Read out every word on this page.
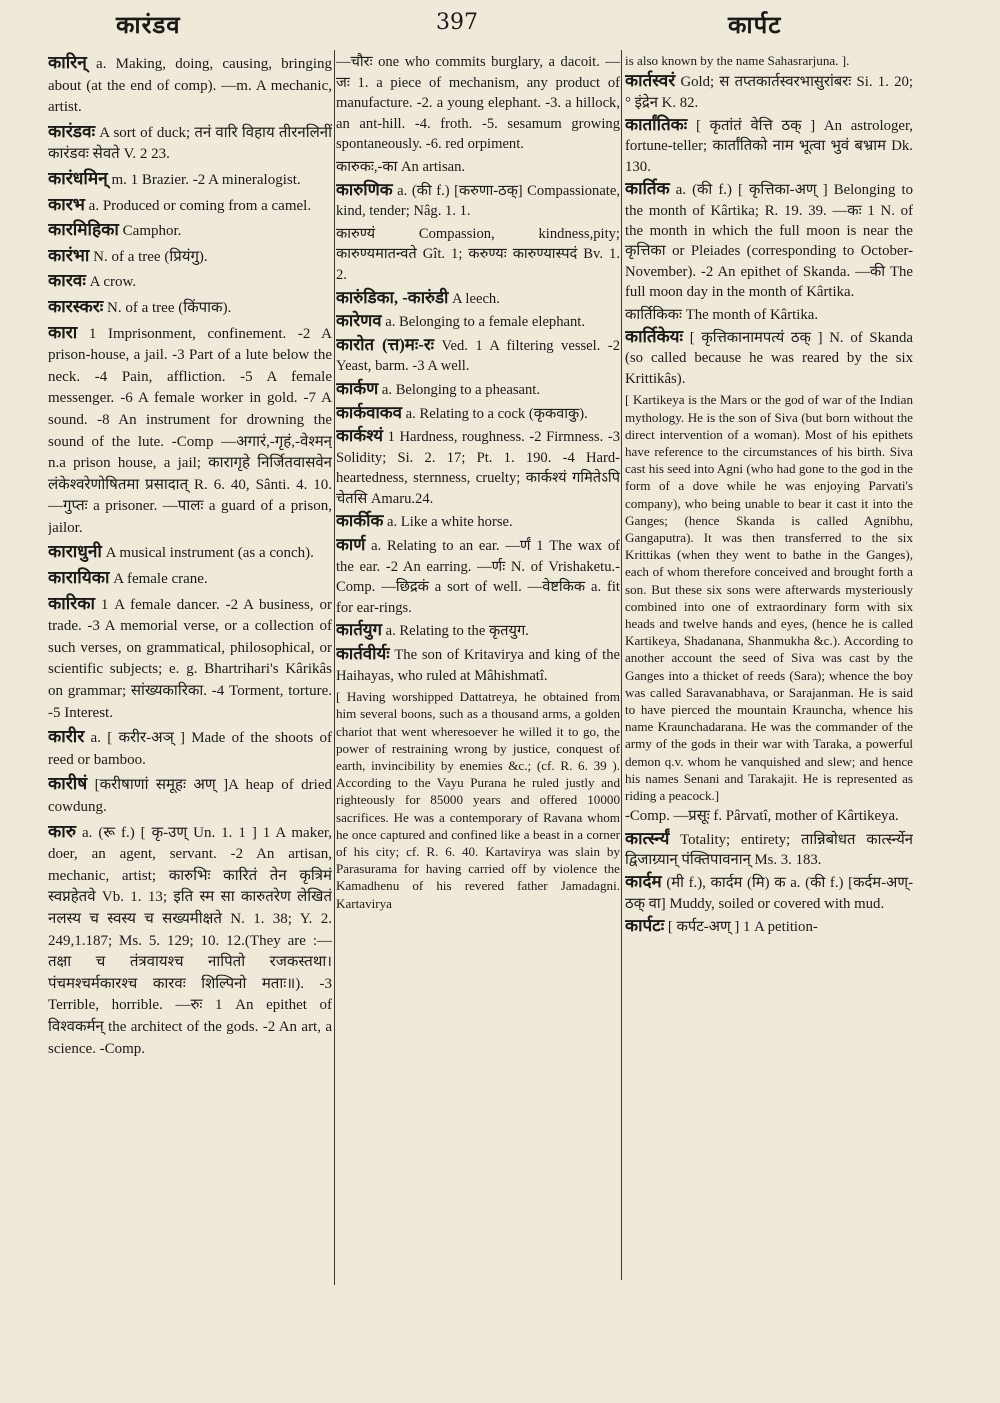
कारंडव	397	कार्पट

कारिन् a. Making, doing, causing, bringing about (at the end of comp). —m. A mechanic, artist.

कारंडवः A sort of duck; तनं वारि विहाय तीरनलिनीं कारंडवः सेवते V. 2 23.

कारंधमिन् m. 1 Brazier. -2 A mineralogist.

कारभ a. Produced or coming from a camel.

कारमिहिका Camphor.

कारंभा N. of a tree (प्रियंगु).

कारवः A crow.

कारस्करः N. of a tree (किंपाक).

कारा 1 Imprisonment, confinement. -2 A prison-house, a jail. -3 Part of a lute below the neck. -4 Pain, affliction. -5 A female messenger. -6 A female worker in gold. -7 A sound. -8 An instrument for drowning the sound of the lute. -Comp —अगारं,-गृहं,-वेश्मन् n.a prison house, a jail; कारागृहे निर्जितवासवेन लंकेश्वरेणोषितमा प्रसादात् R. 6. 40, Sânti. 4. 10. —गुप्तः a prisoner. —पालः a guard of a prison, jailor.

काराधुनी A musical instrument (as a conch).

कारायिका A female crane.

कारिका 1 A female dancer. -2 A business, or trade. -3 A memorial verse, or a collection of such verses, on grammatical, philosophical, or scientific subjects; e. g. Bhartrihari's Kârikâs on grammar; सांख्यकारिका. -4 Torment, torture. -5 Interest.

कारीर a. [ करीर-अञ् ] Made of the shoots of reed or bamboo.

कारीषं [करीषाणां समूहः अण् ]A heap of dried cowdung.

कारु a. (रू f.) [ कृ-उण् Un. 1. 1 ] 1 A maker, doer, an agent, servant. -2 An artisan, mechanic, artist; कारुभिः कारितं तेन कृत्रिमं स्वप्नहेतवे Vb. 1. 13; इति स्म सा कारुतरेण लेखितं नलस्य च स्वस्य च सख्यमीक्षते N. 1. 38; Y. 2. 249,1.187; Ms. 5. 129; 10. 12.(They are :— तक्षा च तंत्रवायश्च नापितो रजकस्तथा। पंचमश्चर्मकारश्च कारवः शिल्पिनो मताः॥). -3 Terrible, horrible. —रुः 1 An epithet of विश्वकर्मन् the architect of the gods. -2 An art, a science. -Comp.

—चौरः one who commits burglary, a dacoit. —जः 1. a piece of mechanism, any product of manufacture. -2. a young elephant. -3. a hillock, an ant-hill. -4. froth. -5. sesamum growing spontaneously. -6. red orpiment.

कारुकः,-का An artisan.

कारुणिक a. (की f.) [करुणा-ठक्] Compassionate, kind, tender; Nâg. 1. 1.

कारुण्यं Compassion, kindness,pity; कारुण्यमातन्वते Gît. 1; करुण्यः कारुण्यास्पदं Bv. 1. 2.

कारुंडिका, -कारुंडी A leech.

कारेणव a. Belonging to a female elephant.

कारोत (त्त)मः-रः Ved. 1 A filtering vessel. -2 Yeast, barm. -3 A well.

कार्कण a. Belonging to a pheasant.

कार्कवाकव a. Relating to a cock (कृकवाकु).

कार्कश्यं 1 Hardness, roughness. -2 Firmness. -3 Solidity; Si. 2. 17; Pt. 1. 190. -4 Hard-heartedness, sternness, cruelty; कार्कश्यं गमितेऽपि चेतसि Amaru.24.

कार्कीक a. Like a white horse.

कार्ण a. Relating to an ear. —र्णं 1 The wax of the ear. -2 An earring. —र्णः N. of Vrishaketu.-Comp. —छिद्रकं a sort of well. —वेष्टकिक a. fit for ear-rings.

कार्तयुग a. Relating to the कृतयुग.

कार्तवीर्यः The son of Kritavirya and king of the Haihayas, who ruled at Mâhishmatî.

[ Having worshipped Dattatreya, he obtained from him several boons, such as a thousand arms, a golden chariot that went wheresoever he willed it to go, the power of restraining wrong by justice, conquest of earth, invincibility by enemies &c.; (cf. R. 6. 39 ). According to the Vayu Purana he ruled justly and righteously for 85000 years and offered 10000 sacrifices. He was a contemporary of Ravana whom he once captured and confined like a beast in a corner of his city; cf. R. 6. 40. Kartavirya was slain by Parasurama for having carried off by violence the Kamadhenu of his revered father Jamadagni. Kartavirya

is also known by the name Sahasrarjuna. ].

कार्तस्वरं Gold; स तप्तकार्तस्वरभासुरांबरः Si. 1. 20; ° इंद्रेन K. 82.

कार्तांतिकः [ कृतांतं वेत्ति ठक् ] An astrologer, fortune-teller; कार्तांतिको नाम भूत्वा भुवं बभ्राम Dk. 130.

कार्तिक a. (की f.) [ कृत्तिका-अण् ] Belonging to the month of Kârtika; R. 19. 39. —कः 1 N. of the month in which the full moon is near the कृत्तिका or Pleiades (corresponding to October-November). -2 An epithet of Skanda. —की The full moon day in the month of Kârtika.

कार्तिकिकः The month of Kârtika.

कार्तिकेयः [ कृत्तिकानामपत्यं ठक् ] N. of Skanda (so called because he was reared by the six Krittikâs).

[ Kartikeya is the Mars or the god of war of the Indian mythology. He is the son of Siva (but born without the direct intervention of a woman). Most of his epithets have reference to the circumstances of his birth. Siva cast his seed into Agni (who had gone to the god in the form of a dove while he was enjoying Parvati's company), who being unable to bear it cast it into the Ganges; (hence Skanda is called Agnibhu, Gangaputra). It was then transferred to the six Krittikas (when they went to bathe in the Ganges), each of whom therefore conceived and brought forth a son. But these six sons were afterwards mysteriously combined into one of extraordinary form with six heads and twelve hands and eyes, (hence he is called Kartikeya, Shadanana, Shanmukha &c.). According to another account the seed of Siva was cast by the Ganges into a thicket of reeds (Sara); whence the boy was called Saravanabhava, or Sarajanman. He is said to have pierced the mountain Krauncha, whence his name Kraunchadarana. He was the commander of the army of the gods in their war with Taraka, a powerful demon q.v. whom he vanquished and slew; and hence his names Senani and Tarakajit. He is represented as riding a peacock.]

-Comp. —प्रसूः f. Pârvatî, mother of Kârtikeya.

कार्त्स्न्यं Totality; entirety; तान्निबोधत कार्त्स्न्येन द्विजाग्र्यान् पंक्तिपावनान् Ms. 3. 183.

कार्दम (मी f.), कार्दम (मि) क a. (की f.) [कर्दम-अण्-ठक् वा] Muddy, soiled or covered with mud.

कार्पटः [ कर्पट-अण् ] 1 A petition-
